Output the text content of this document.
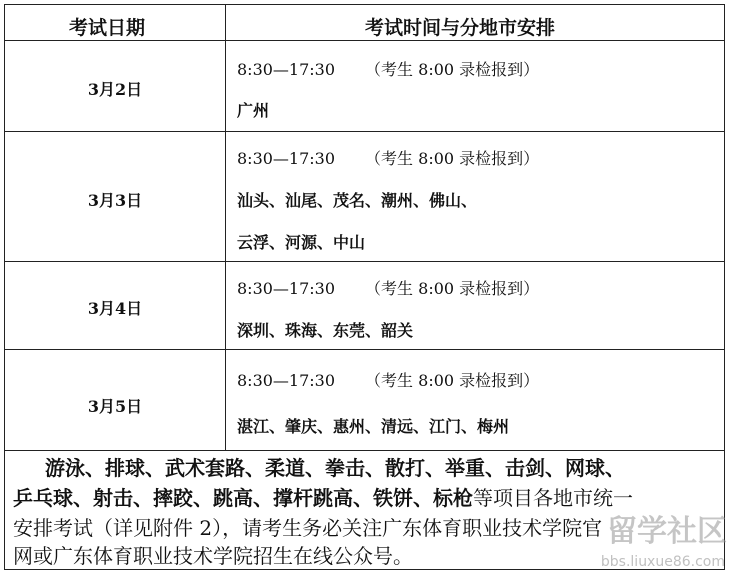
考试日期	考试时间与分地市安排
3月2日
8:30—17:30 （考生 8:00 录检报到）
广州
3月3日
8:30—17:30 （考生 8:00 录检报到）
汕头、汕尾、茂名、潮州、佛山、
云浮、河源、中山
3月4日
8:30—17:30 （考生 8:00 录检报到）
深圳、珠海、东莞、韶关
3月5日
8:30—17:30 （考生 8:00 录检报到）
湛江、肇庆、惠州、清远、江门、梅州
游泳、排球、武术套路、柔道、拳击、散打、举重、击剑、网球、
乒乓球、射击、摔跤、跳高、撑杆跳高、铁饼、标枪等项目各地市统一
安排考试（详见附件 2），请考生务必关注广东体育职业技术学院官
网或广东体育职业技术学院招生在线公众号。
留学社区
bbs.liuxue86.com
